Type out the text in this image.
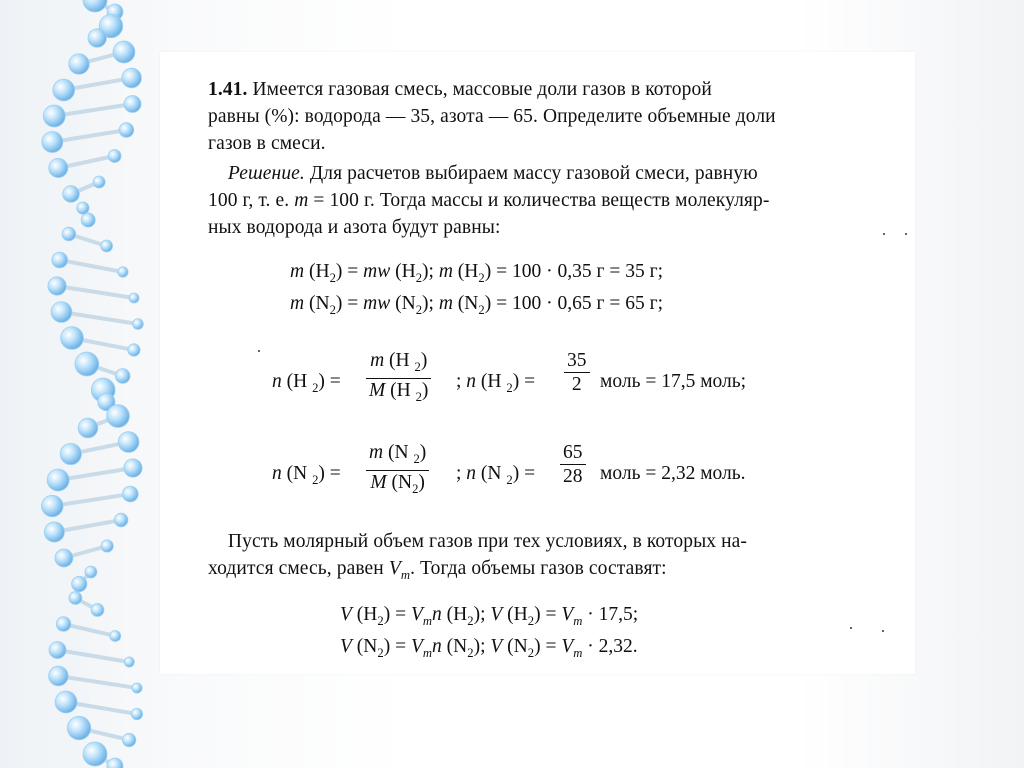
1.41. Имеется газовая смесь, массовые доли газов в которой

равны (%): водорода — 35, азота — 65. Определите объемные доли

газов в смеси.

Решение. Для расчетов выбираем массу газовой смеси, равную

100 г, т. е. m = 100 г. Тогда массы и количества веществ молекуляр-

ных водорода и азота будут равны:

m $(H_2)$ = mw $(H_2)$; m $(H_2) = 100 \cdot 0,35$ г = 35 г;
m $(N_2)$ = mw $(N_2)$; m $(N_2) = 100 \cdot 0,65$ г = 65 г;
n (H $_2) = \frac{m (H _2)}{M (H _2)}$ ; n (H $_2) = \frac{35}{2}$ моль = 17,5 моль;
n (N $_2) = \frac{m (N _2)}{M (N_2)}$ ; n (N $_2) = \frac{65}{28}$ моль = 2,32 моль.

Пусть молярный объем газов при тех условиях, в которых на-

ходится смесь, равен $V_m$. Тогда объемы газов составят:

V $(H_2) = V_mn$ $(H_2)$; V $(H_2) = V_m \cdot 17,5$;
V $(N_2) = V_mn$ $(N_2)$; V $(N_2) = V_m \cdot 2,32$.
